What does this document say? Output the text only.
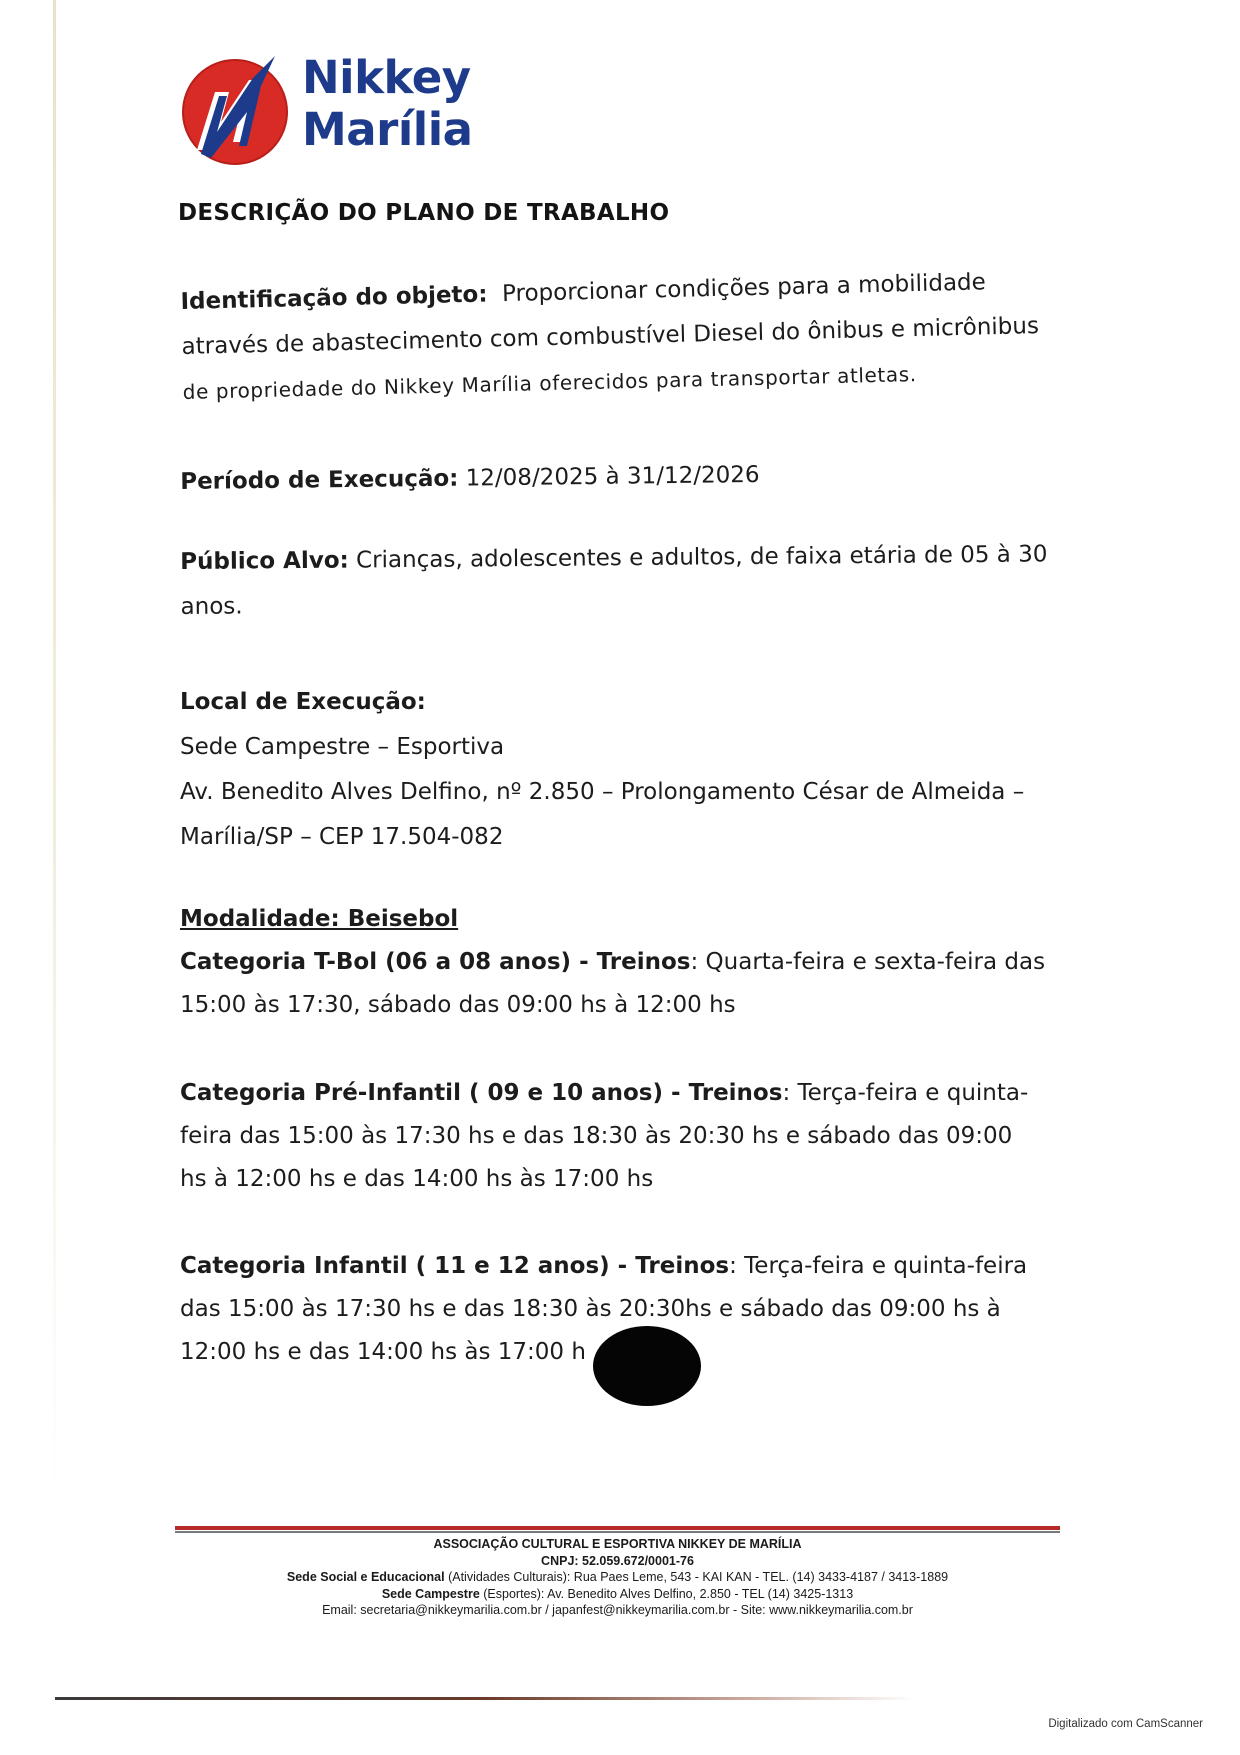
Nikkey
Marília
DESCRIÇÃO DO PLANO DE TRABALHO
Identificação do objeto: Proporcionar condições para a mobilidade
através de abastecimento com combustível Diesel do ônibus e micrônibus
de propriedade do Nikkey Marília oferecidos para transportar atletas.
Período de Execução: 12/08/2025 à 31/12/2026
Público Alvo: Crianças, adolescentes e adultos, de faixa etária de 05 à 30
anos.
Local de Execução:
Sede Campestre – Esportiva
Av. Benedito Alves Delfino, nº 2.850 – Prolongamento César de Almeida –
Marília/SP – CEP 17.504-082
Modalidade: Beisebol
Categoria T-Bol (06 a 08 anos) - Treinos: Quarta-feira e sexta-feira das
15:00 às 17:30, sábado das 09:00 hs à 12:00 hs
Categoria Pré-Infantil ( 09 e 10 anos) - Treinos: Terça-feira e quinta-
feira das 15:00 às 17:30 hs e das 18:30 às 20:30 hs e sábado das 09:00
hs à 12:00 hs e das 14:00 hs às 17:00 hs
Categoria Infantil ( 11 e 12 anos) - Treinos: Terça-feira e quinta-feira
das 15:00 às 17:30 hs e das 18:30 às 20:30hs e sábado das 09:00 hs à
12:00 hs e das 14:00 hs às 17:00 h
ASSOCIAÇÃO CULTURAL E ESPORTIVA NIKKEY DE MARÍLIA
CNPJ: 52.059.672/0001-76
Sede Social e Educacional (Atividades Culturais): Rua Paes Leme, 543 - KAI KAN - TEL. (14) 3433-4187 / 3413-1889
Sede Campestre (Esportes): Av. Benedito Alves Delfino, 2.850 - TEL (14) 3425-1313
Email: secretaria@nikkeymarilia.com.br / japanfest@nikkeymarilia.com.br - Site: www.nikkeymarilia.com.br
Digitalizado com CamScanner
